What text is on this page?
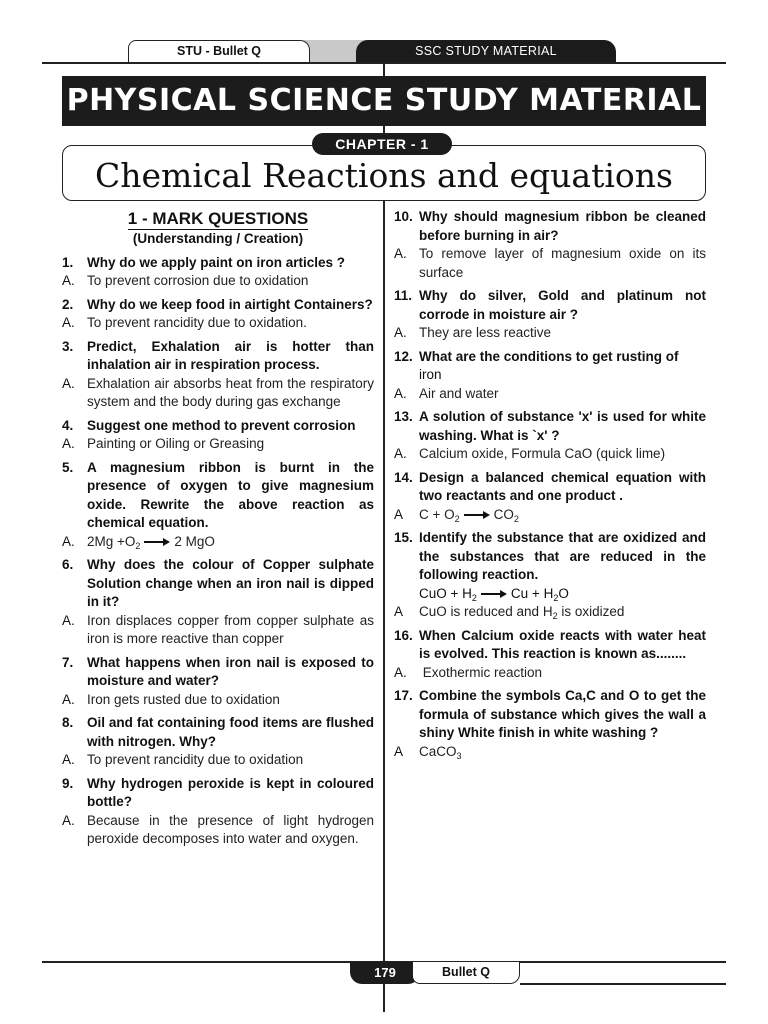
STU - Bullet Q	SSC STUDY MATERIAL
PHYSICAL SCIENCE STUDY MATERIAL
CHAPTER - 1
Chemical Reactions and equations
1 - MARK QUESTIONS
(Understanding / Creation)
1.	Why do we apply paint on iron articles ?
A. To prevent corrosion due to oxidation
2.	Why do we keep food in airtight Containers?
A. To prevent rancidity due to oxidation.
3.	Predict, Exhalation air is hotter than inhalation air in respiration process.
A. Exhalation air absorbs heat from the respiratory system and the body during gas exchange
4.	Suggest one method to prevent corrosion
A. Painting or Oiling or Greasing
5.	A magnesium ribbon is burnt in the presence of oxygen to give magnesium oxide. Rewrite the above reaction as chemical equation.
A. $2Mg +O_2$	2 MgO
6.	Why does the colour of Copper sulphate Solution change when an iron nail is dipped in it?
A. Iron displaces copper from copper sulphate as iron is more reactive than copper
7.	What happens when iron nail is exposed to moisture and water?
A. Iron gets rusted due to oxidation
8.	Oil and fat containing food items are flushed with nitrogen. Why?
A. To prevent rancidity due to oxidation
9.	Why hydrogen peroxide is kept in coloured bottle?
A. Because in the presence of light hydrogen peroxide decomposes into water and oxygen.
10. Why should magnesium ribbon be cleaned before burning in air?
A. To remove layer of magnesium oxide on its surface
11. Why do silver, Gold and platinum not corrode in moisture air ?
A. They are less reactive
12. What are the conditions to get rusting of
iron
A. Air and water
13. A solution of substance 'x' is used for white washing. What is `x' ?
A. Calcium oxide, Formula CaO (quick lime)
14. Design a balanced chemical equation with two reactants and one product .
A	$C + O_2$	$CO_2$
15. Identify the substance that are oxidized and the substances that are reduced in the following reaction.
CuO + $H_2$	$Cu + H_2O$
A	CuO is reduced and $H_2$ is oxidized
16. When Calcium oxide reacts with water heat is evolved. This reaction is known as........
A. Exothermic reaction
17. Combine the symbols Ca,C and O to get the formula of substance which gives the wall a shiny White finish in white washing ?
A	CaCO$_3$
179	Bullet Q
